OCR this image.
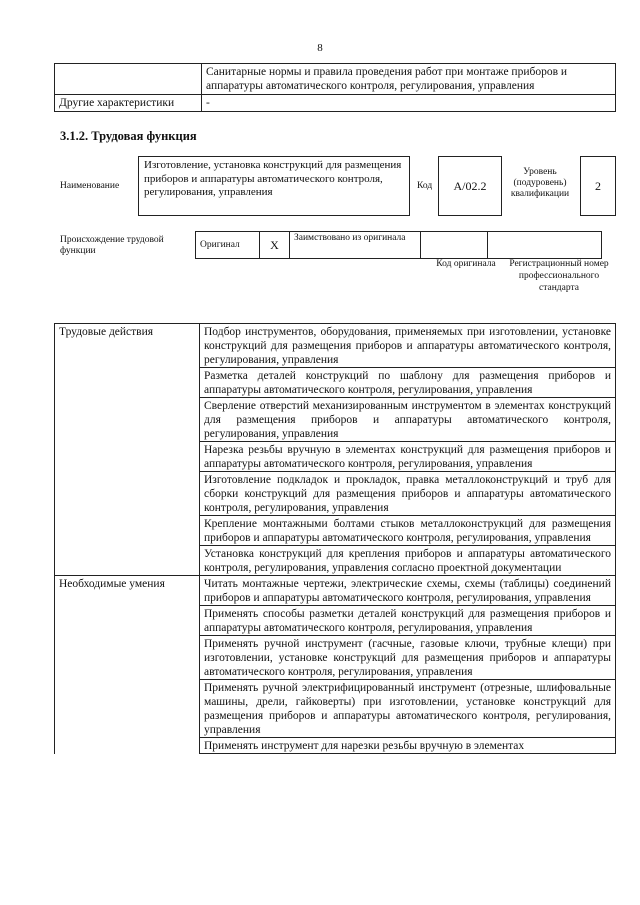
8
	Санитарные нормы и правила проведения работ при монтаже приборов и аппаратуры автоматического контроля, регулирования, управления
Другие характеристики	-
3.1.2. Трудовая функция
Наименование
Изготовление, установка конструкций для размещения приборов и аппаратуры автоматического контроля, регулирования, управления	Код	A/02.2
Уровень (подуровень) квалификации
2
Происхождение трудовой функции
Оригинал	X	Заимствовано из оригинала		
Код оригинала	Регистрационный номер профессионального стандарта
Трудовые действия	Подбор инструментов, оборудования, применяемых при изготовлении, установке конструкций для размещения приборов и аппаратуры автоматического контроля, регулирования, управления
	Разметка деталей конструкций по шаблону для размещения приборов и аппаратуры автоматического контроля, регулирования, управления
	Сверление отверстий механизированным инструментом в элементах конструкций для размещения приборов и аппаратуры автоматического контроля, регулирования, управления
	Нарезка резьбы вручную в элементах конструкций для размещения приборов и аппаратуры автоматического контроля, регулирования, управления
	Изготовление подкладок и прокладок, правка металлоконструкций и труб для сборки конструкций для размещения приборов и аппаратуры автоматического контроля, регулирования, управления
	Крепление монтажными болтами стыков металлоконструкций для размещения приборов и аппаратуры автоматического контроля, регулирования, управления
	Установка конструкций для крепления приборов и аппаратуры автоматического контроля, регулирования, управления согласно проектной документации
Необходимые умения	Читать монтажные чертежи, электрические схемы, схемы (таблицы) соединений приборов и аппаратуры автоматического контроля, регулирования, управления
	Применять способы разметки деталей конструкций для размещения приборов и аппаратуры автоматического контроля, регулирования, управления
	Применять ручной инструмент (гасчные, газовые ключи, трубные клещи) при изготовлении, установке конструкций для размещения приборов и аппаратуры автоматического контроля, регулирования, управления
	Применять ручной электрифицированный инструмент (отрезные, шлифовальные машины, дрели, гайковерты) при изготовлении, установке конструкций для размещения приборов и аппаратуры автоматического контроля, регулирования, управления
	Применять инструмент для нарезки резьбы вручную в элементах
